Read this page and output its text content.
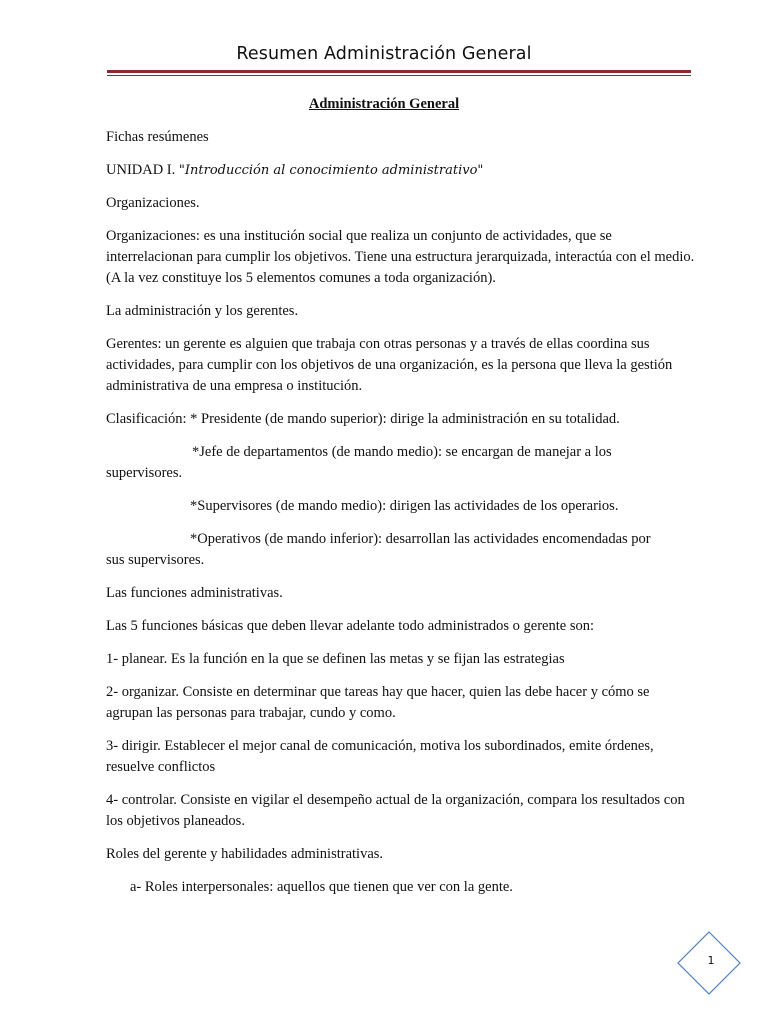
Resumen Administración General
Administración General

Fichas resúmenes

UNIDAD I. "Introducción al conocimiento administrativo"

Organizaciones.

Organizaciones: es una institución social que realiza un conjunto de actividades, que se interrelacionan para cumplir los objetivos. Tiene una estructura jerarquizada, interactúa con el medio. (A la vez constituye los 5 elementos comunes a toda organización).

La administración y los gerentes.

Gerentes: un gerente es alguien que trabaja con otras personas y a través de ellas coordina sus actividades, para cumplir con los objetivos de una organización, es la persona que lleva la gestión administrativa de una empresa o institución.

Clasificación: * Presidente (de mando superior): dirige la administración en su totalidad.

*Jefe de departamentos (de mando medio): se encargan de manejar a los
supervisores.

*Supervisores (de mando medio): dirigen las actividades de los operarios.

*Operativos (de mando inferior): desarrollan las actividades encomendadas por
sus supervisores.

Las funciones administrativas.

Las 5 funciones básicas que deben llevar adelante todo administrados o gerente son:

1- planear. Es la función en la que se definen las metas y se fijan las estrategias

2- organizar. Consiste en determinar que tareas hay que hacer, quien las debe hacer y cómo se agrupan las personas para trabajar, cundo y como.

3- dirigir. Establecer el mejor canal de comunicación, motiva los subordinados, emite órdenes, resuelve conflictos

4- controlar. Consiste en vigilar el desempeño actual de la organización, compara los resultados con los objetivos planeados.

Roles del gerente y habilidades administrativas.

a- Roles interpersonales: aquellos que tienen que ver con la gente.

1
